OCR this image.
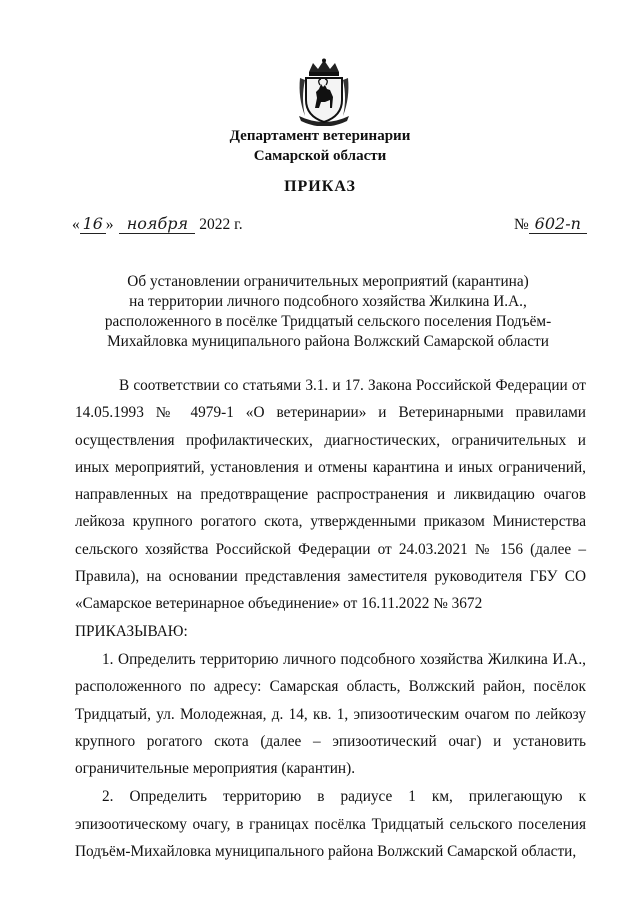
Департамент ветеринарии
Самарской области
ПРИКАЗ
« 16 » ноября 2022 г.	№ 602-п
Об установлении ограничительных мероприятий (карантина)
на территории личного подсобного хозяйства Жилкина И.А.,
расположенного в посёлке Тридцатый сельского поселения Подъём-
Михайловка муниципального района Волжский Самарской области

В соответствии со статьями 3.1. и 17. Закона Российской Федерации от 14.05.1993 № 4979-1 «О ветеринарии» и Ветеринарными правилами осуществления профилактических, диагностических, ограничительных и иных мероприятий, установления и отмены карантина и иных ограничений, направленных на предотвращение распространения и ликвидацию очагов лейкоза крупного рогатого скота, утвержденными приказом Министерства сельского хозяйства Российской Федерации от 24.03.2021 № 156 (далее – Правила), на основании представления заместителя руководителя ГБУ СО «Самарское ветеринарное объединение» от 16.11.2022 № 3672

ПРИКАЗЫВАЮ:

1. Определить территорию личного подсобного хозяйства Жилкина И.А., расположенного по адресу: Самарская область, Волжский район, посёлок Тридцатый, ул. Молодежная, д. 14, кв. 1, эпизоотическим очагом по лейкозу крупного рогатого скота (далее – эпизоотический очаг) и установить ограничительные мероприятия (карантин).

2. Определить территорию в радиусе 1 км, прилегающую к эпизоотическому очагу, в границах посёлка Тридцатый сельского поселения Подъём-Михайловка муниципального района Волжский Самарской области,
